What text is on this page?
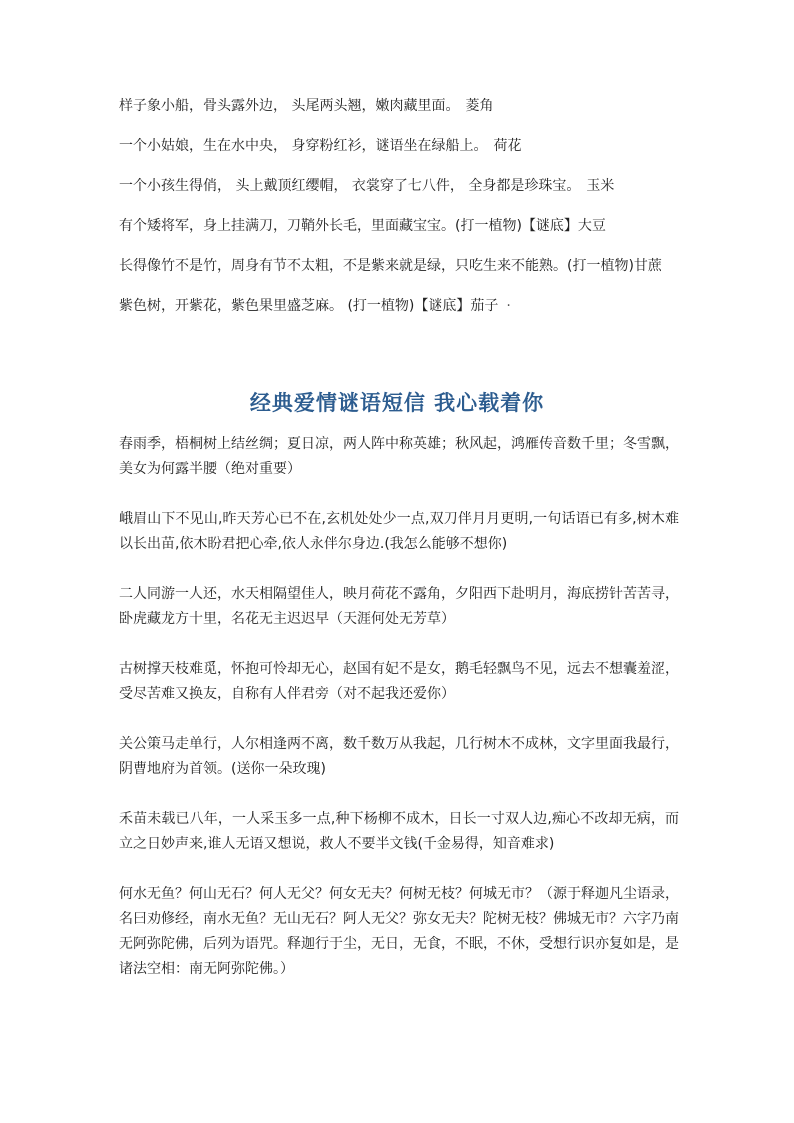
样子象小船，骨头露外边， 头尾两头翘，嫩肉藏里面。 菱角
一个小姑娘，生在水中央， 身穿粉红衫，谜语坐在绿船上。 荷花
一个小孩生得俏， 头上戴顶红缨帽， 衣裳穿了七八件， 全身都是珍珠宝。 玉米
有个矮将军，身上挂满刀，刀鞘外长毛，里面藏宝宝。(打一植物)【谜底】大豆
长得像竹不是竹，周身有节不太粗，不是紫来就是绿，只吃生来不能熟。(打一植物)甘蔗
紫色树，开紫花，紫色果里盛芝麻。 (打一植物)【谜底】茄子 ·
经典爱情谜语短信 我心载着你

春雨季，梧桐树上结丝绸；夏日凉，两人阵中称英雄；秋风起，鸿雁传音数千里；冬雪飘，美女为何露半腰（绝对重要）

峨眉山下不见山,昨天芳心已不在,玄机处处少一点,双刀伴月月更明,一句话语已有多,树木难以长出苗,依木盼君把心牵,依人永伴尔身边.(我怎么能够不想你)

二人同游一人还，水天相隔望佳人，映月荷花不露角，夕阳西下赴明月，海底捞针苦苦寻，卧虎藏龙方十里，名花无主迟迟早（天涯何处无芳草）

古树撑天枝难觅，怀抱可怜却无心，赵国有妃不是女，鹅毛轻飘鸟不见，远去不想囊羞涩，受尽苦难又换友，自称有人伴君旁（对不起我还爱你）

关公策马走单行，人尔相逢两不离，数千数万从我起，几行树木不成林，文字里面我最行，阴曹地府为首领。(送你一朵玫瑰)

禾苗未载已八年，一人采玉多一点,种下杨柳不成木，日长一寸双人边,痴心不改却无病，而立之日妙声来,谁人无语又想说，救人不要半文钱(千金易得，知音难求)

何水无鱼？何山无石？何人无父？何女无夫？何树无枝？何城无市？（源于释迦凡尘语录，名曰劝修经，南水无鱼？无山无石？阿人无父？弥女无夫？陀树无枝？佛城无市？六字乃南无阿弥陀佛，后列为语咒。释迦行于尘，无日，无食，不眠，不休，受想行识亦复如是，是诸法空相：南无阿弥陀佛。）
